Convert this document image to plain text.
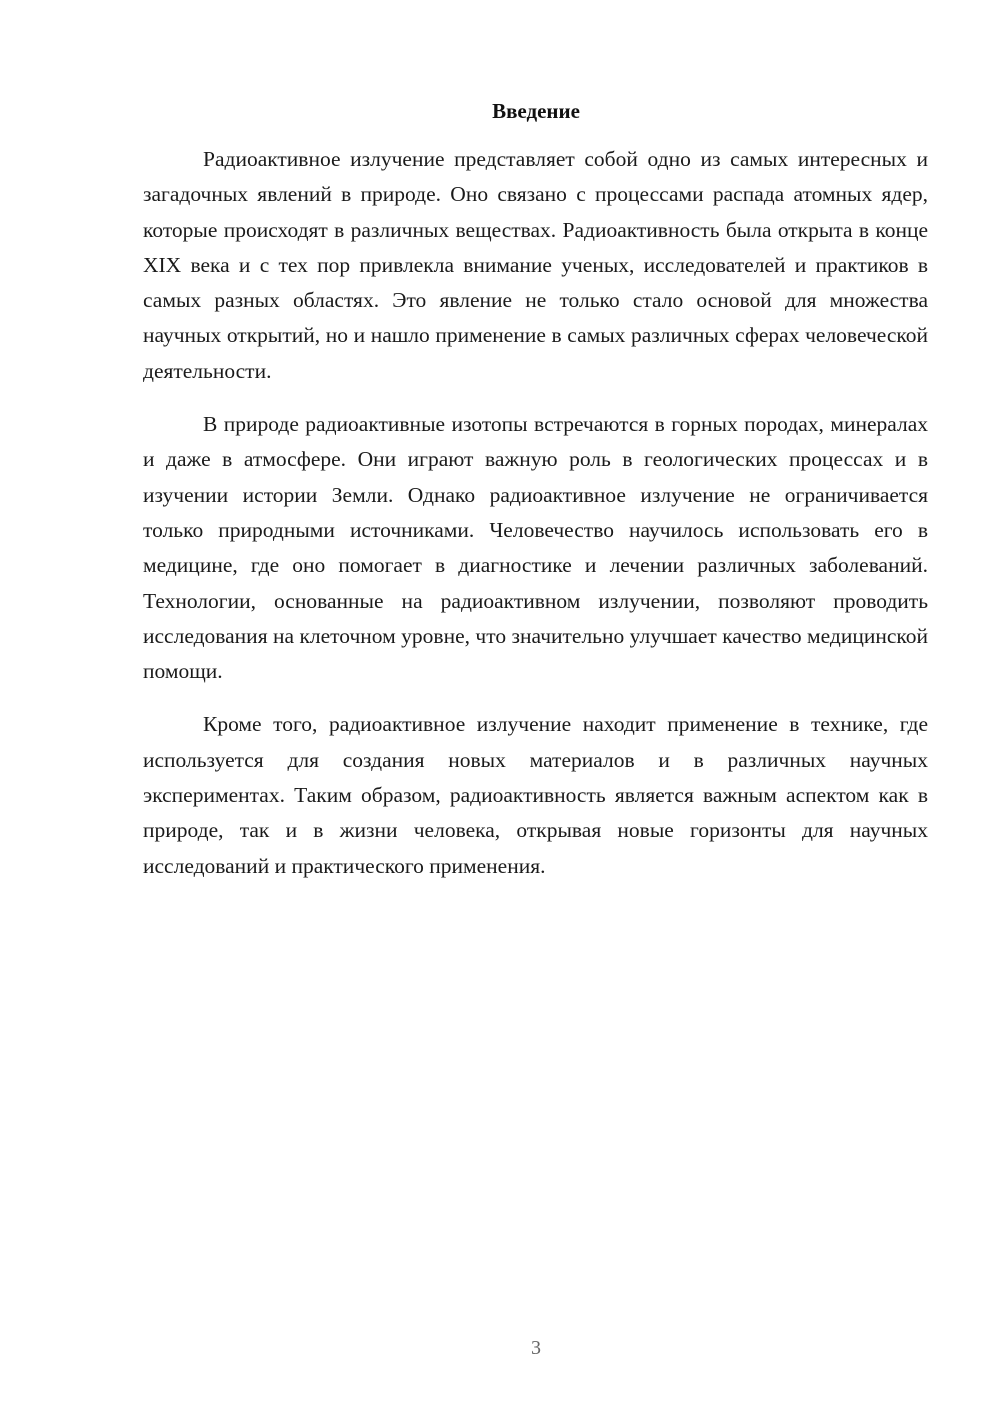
Введение

Радиоактивное излучение представляет собой одно из самых интересных и загадочных явлений в природе. Оно связано с процессами распада атомных ядер, которые происходят в различных веществах. Радиоактивность была открыта в конце XIX века и с тех пор привлекла внимание ученых, исследователей и практиков в самых разных областях. Это явление не только стало основой для множества научных открытий, но и нашло применение в самых различных сферах человеческой деятельности.

В природе радиоактивные изотопы встречаются в горных породах, минералах и даже в атмосфере. Они играют важную роль в геологических процессах и в изучении истории Земли. Однако радиоактивное излучение не ограничивается только природными источниками. Человечество научилось использовать его в медицине, где оно помогает в диагностике и лечении различных заболеваний. Технологии, основанные на радиоактивном излучении, позволяют проводить исследования на клеточном уровне, что значительно улучшает качество медицинской помощи.

Кроме того, радиоактивное излучение находит применение в технике, где используется для создания новых материалов и в различных научных экспериментах. Таким образом, радиоактивность является важным аспектом как в природе, так и в жизни человека, открывая новые горизонты для научных исследований и практического применения.

3
